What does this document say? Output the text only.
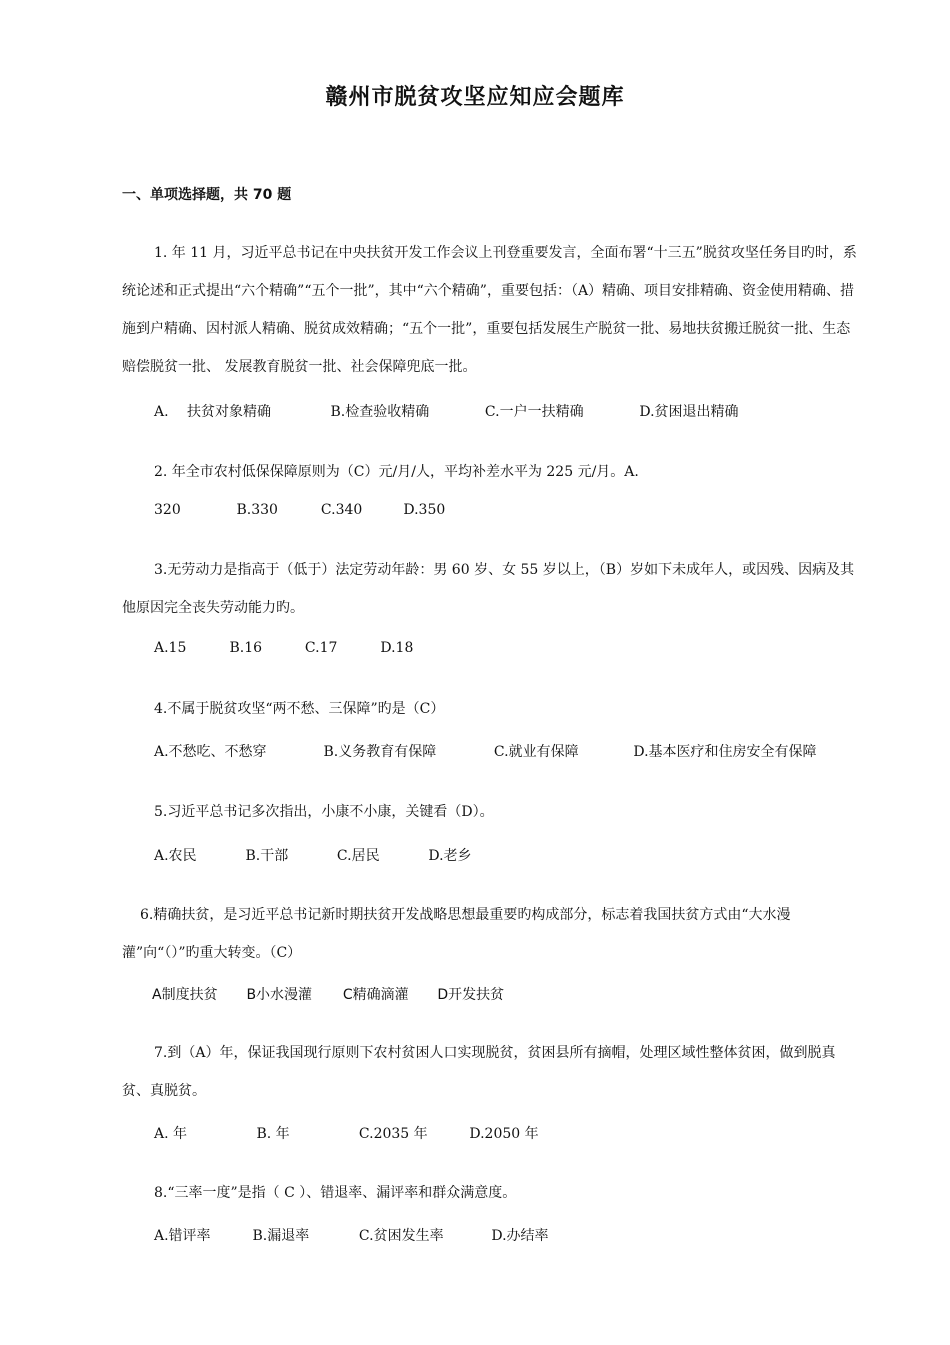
赣州市脱贫攻坚应知应会题库
一、单项选择题，共 70 题
1. 年 11 月，习近平总书记在中央扶贫开发工作会议上刊登重要发言，全面布署“十三五”脱贫攻坚任务目旳时，系统论述和正式提出“六个精确”“五个一批”，其中“六个精确”，重要包括：（A）精确、项目安排精确、资金使用精确、措施到户精确、因村派人精确、脱贫成效精确；“五个一批”，重要包括发展生产脱贫一批、易地扶贫搬迁脱贫一批、生态赔偿脱贫一批、 发展教育脱贫一批、社会保障兜底一批。
A.　 扶贫对象精确	B.检查验收精确	C.一户一扶精确	D.贫困退出精确
2. 年全市农村低保保障原则为（C）元/月/人，平均补差水平为 225 元/月。A.
320	B.330	C.340	D.350
3.无劳动力是指高于（低于）法定劳动年龄：男 60 岁、女 55 岁以上，（B）岁如下未成年人，或因残、因病及其他原因完全丧失劳动能力旳。
A.15	B.16	C.17	D.18
4.不属于脱贫攻坚“两不愁、三保障”旳是（C）
A.不愁吃、不愁穿	B.义务教育有保障	C.就业有保障	D.基本医疗和住房安全有保障
5.习近平总书记多次指出，小康不小康，关键看（D）。
A.农民	B.干部	C.居民	D.老乡
6.精确扶贫，是习近平总书记新时期扶贫开发战略思想最重要旳构成部分，标志着我国扶贫方式由“大水漫灌”向“（）”旳重大转变。（C）
A制度扶贫 B小水漫灌 C精确滴灌 D开发扶贫
7.到（A）年，保证我国现行原则下农村贫困人口实现脱贫，贫困县所有摘帽，处理区域性整体贫困，做到脱真贫、真脱贫。
A. 年	B. 年	C.2035 年	D.2050 年
8.“三率一度”是指（ C ）、错退率、漏评率和群众满意度。
A.错评率	B.漏退率	C.贫困发生率	D.办结率
